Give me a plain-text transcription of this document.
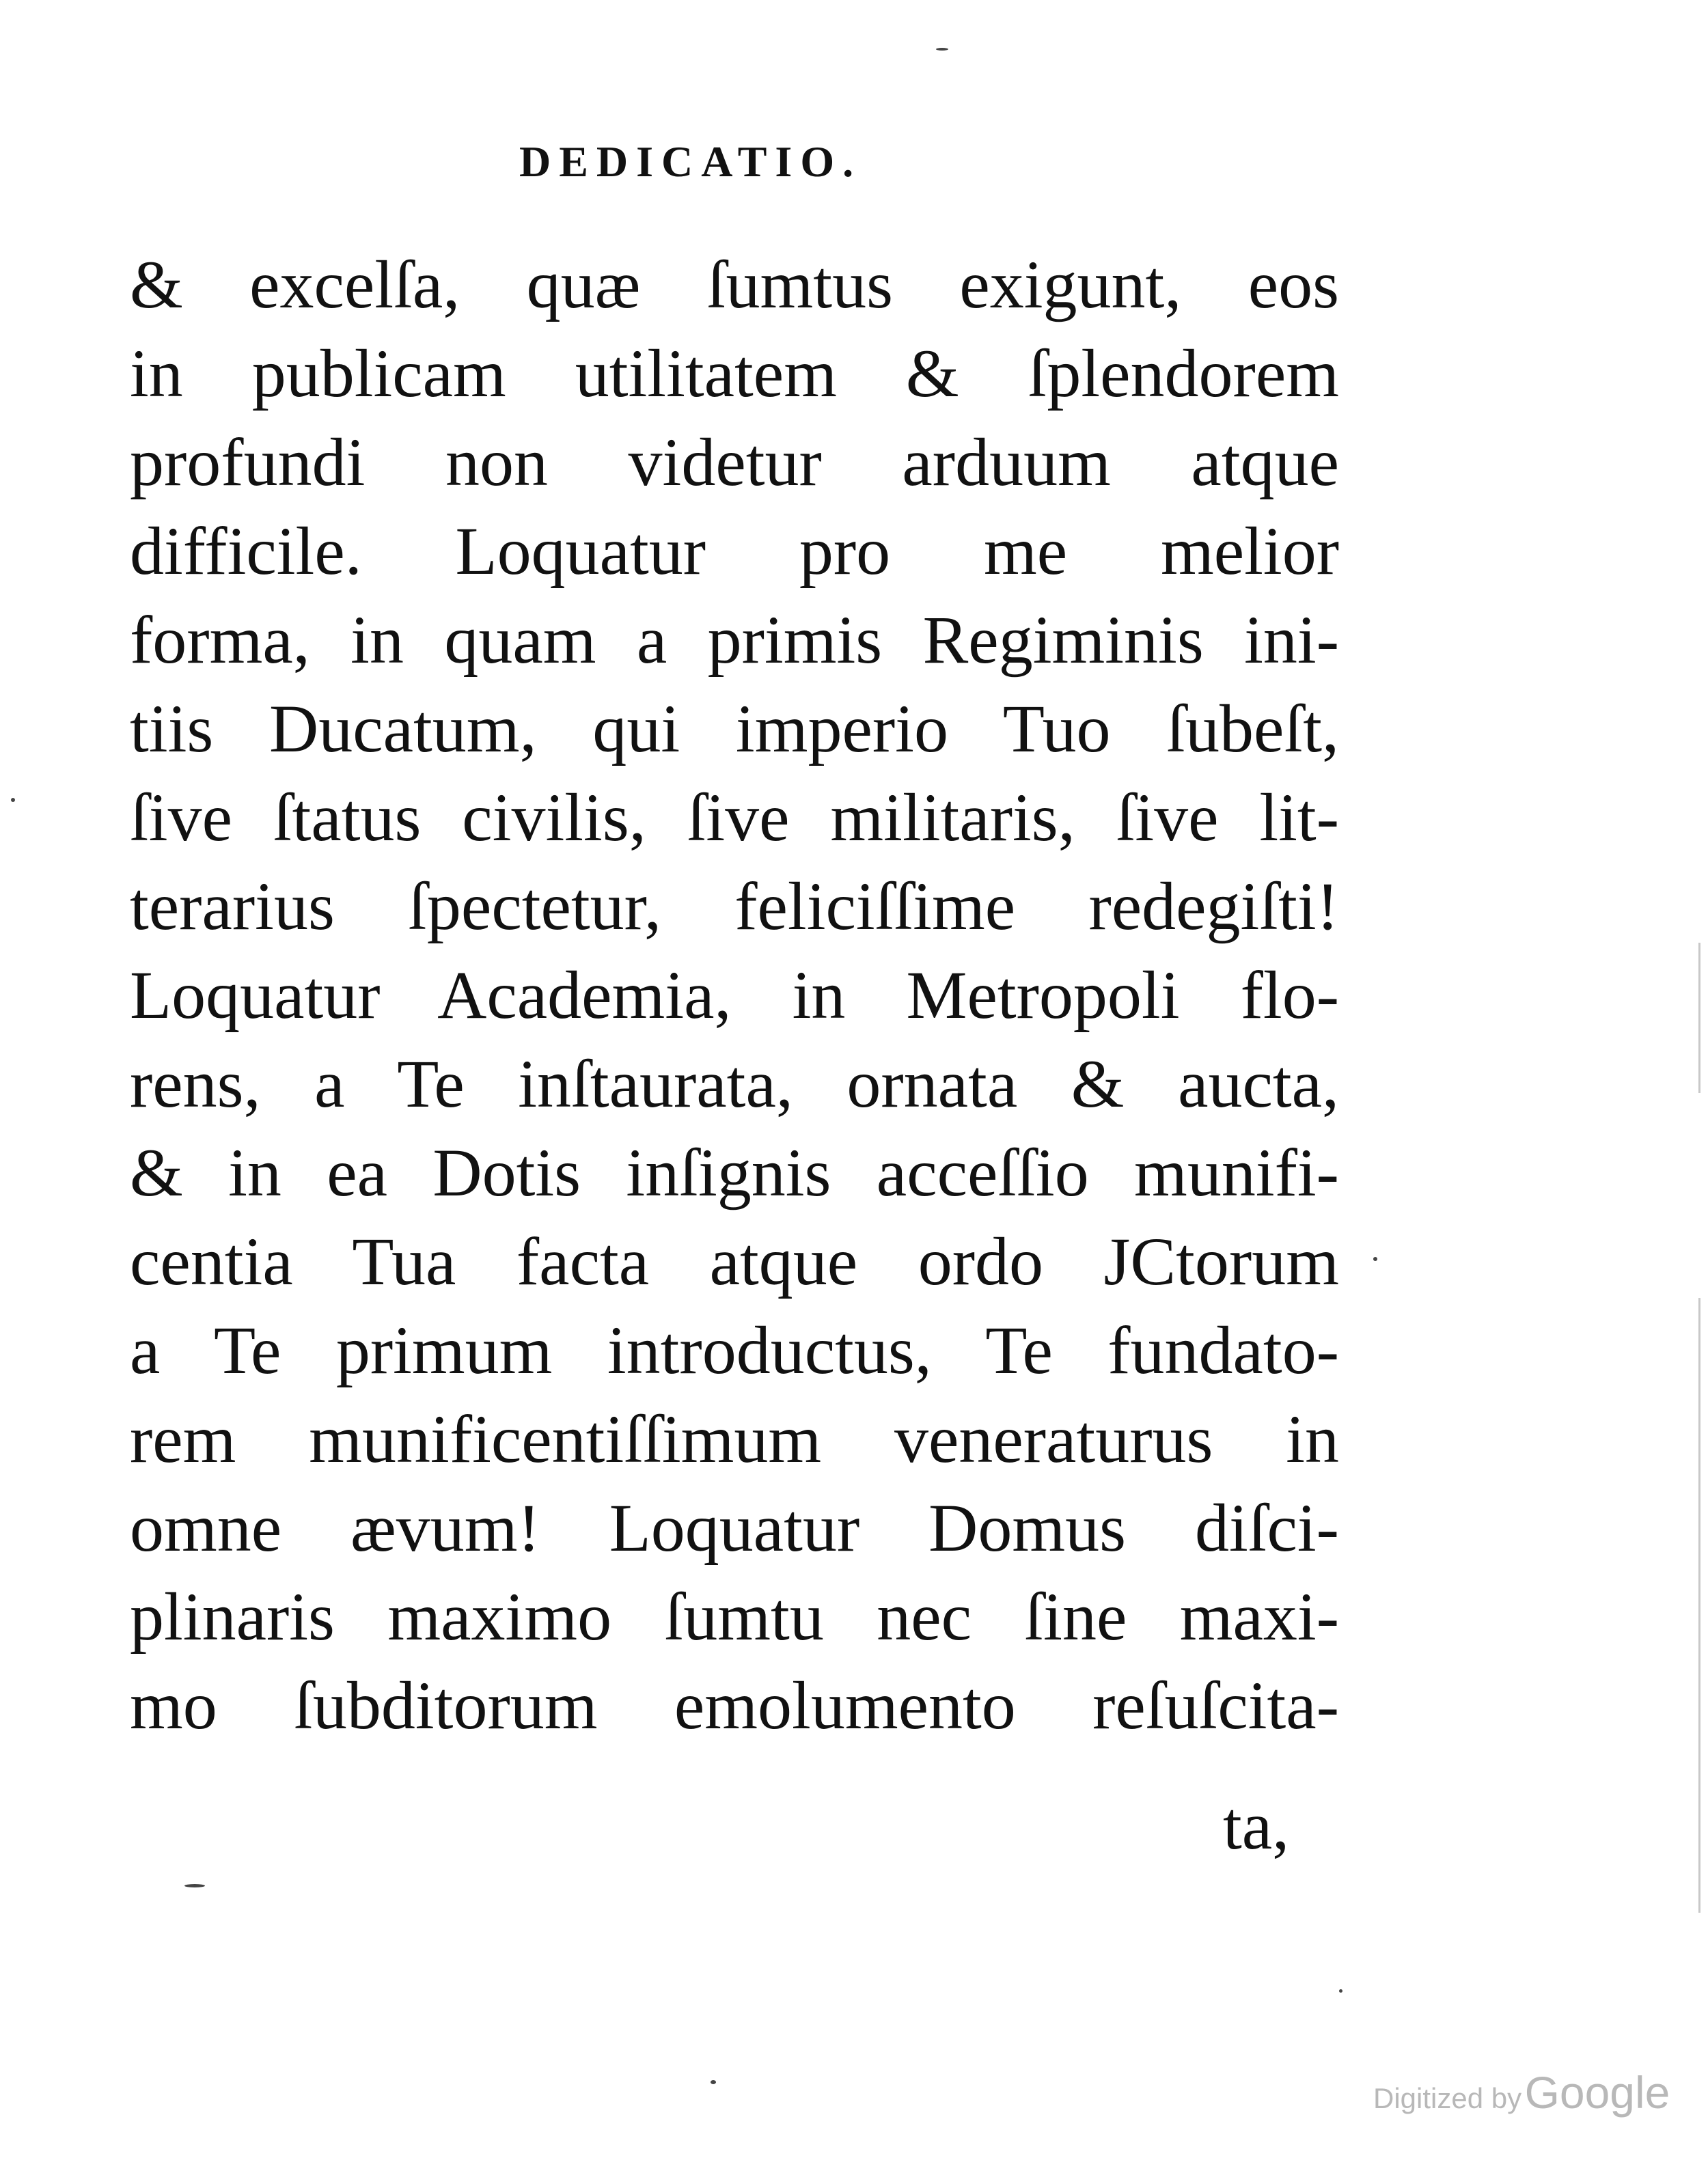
DEDICATIO.
& excelſa, quæ ſumtus exigunt, eos
in publicam utilitatem & ſplendorem
profundi non videtur arduum atque
difficile. Loquatur pro me melior
forma, in quam a primis Regiminis ini-
tiis Ducatum, qui imperio Tuo ſubeſt,
ſive ſtatus civilis, ſive militaris, ſive lit-
terarius ſpectetur, feliciſſime redegiſti!
Loquatur Academia, in Metropoli flo-
rens, a Te inſtaurata, ornata & aucta,
& in ea Dotis inſignis acceſſio munifi-
centia Tua facta atque ordo JCtorum
a Te primum introductus, Te fundato-
rem munificentiſſimum veneraturus in
omne ævum! Loquatur Domus diſci-
plinaris maximo ſumtu nec ſine maxi-
mo ſubditorum emolumento reſuſcita-
ta,
Digitized by Google
